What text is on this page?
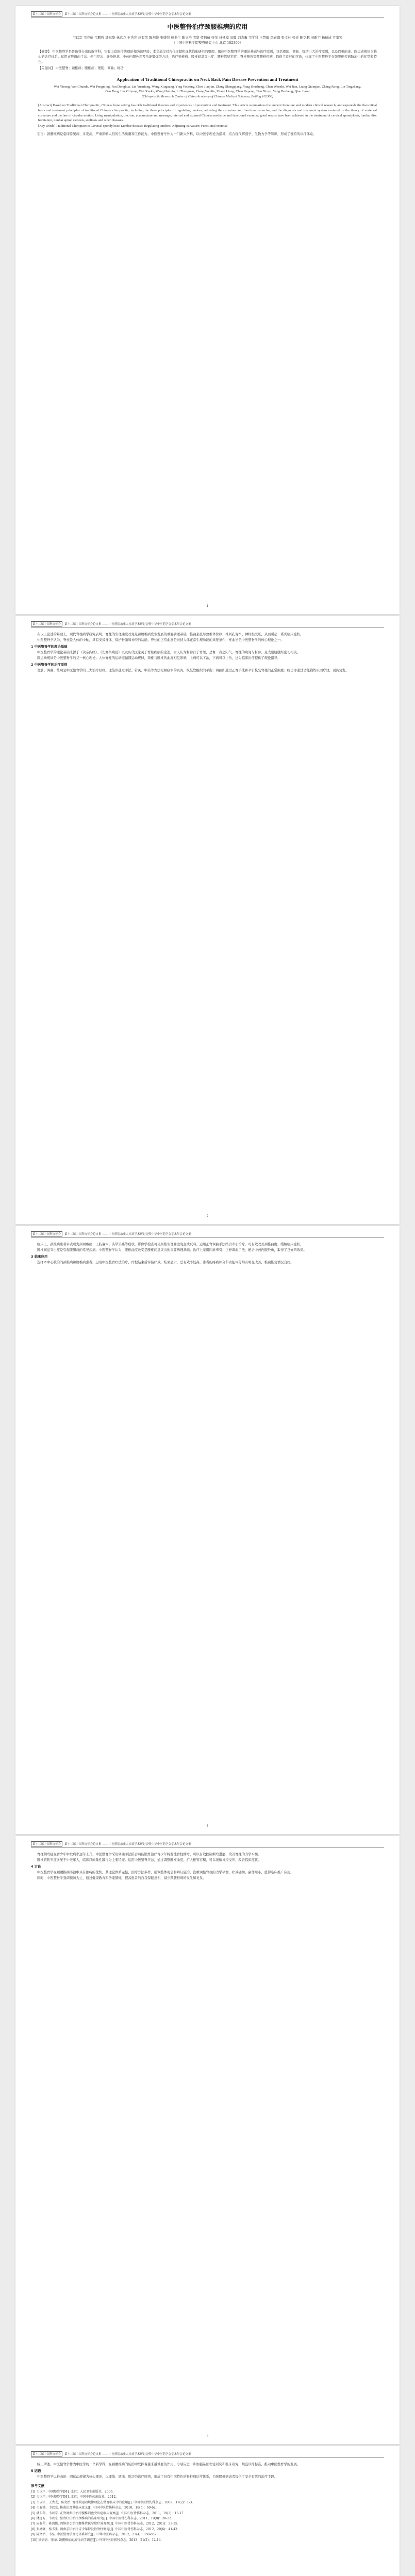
第十二届中国科协年会 第十二届中国科协年会论文集 —— 中医药防治重大疾病学术研讨会暨中华中医药学会学术年会论文集
中医整脊治疗颈腰椎病的应用
韦以宗 韦春德 韦鹏鸣 潘东华 林远方 王秀光 应有荣 陈剑俊 张盛强 杨书生 陈文治 韦坚 梁倩倩 张荣 林廷樟 高腾 刘志勇 韦学科 王慧敏 李正南 张文林 张亮 陈克鹏 田新宇 杨德成 乔家锐
（中国中医科学院整脊研究中心 北京 102300）

【摘要】 中医整脊学是骨伤科分出的新学科，它有丰富的传统理论和防治经验；本文通过对古代文献和现代临床研究的整理，阐述中医整脊学的理论基础与治疗原则，包括理筋、调曲、练功三大治疗原则，以及以椎曲论、圆运动规律为核心的诊疗体系。运用正脊调曲手法、牵引疗法、针灸推拿、中药内服外用及功能锻炼等方法，治疗颈椎病、腰椎间盘突出症、腰椎管狭窄症、脊柱侧弯等颈腰椎疾病，取得了良好的疗效，体现了中医整脊学在颈腰椎疾病防治中的优势和特色。

【关键词】 中医整脊；颈椎病；腰椎病；理筋；调曲；练功

Application of Traditional Chiropractic on Neck Back Pain Disease Prevention and Treatment
Wei Yizong, Wei Chunde, Wei Pengming, Pan Donghua, Lin Yuanfang, Wang Xiuguang, Ying Yourong, Chen Jianjun, Zhang Shengqiang, Yang Shusheng, Chen Wenzhi, Wei Jian, Liang Qianqian, Zhang Rong, Lin Tingzhang, Gao Teng, Liu Zhiyong, Wei Xueke, Wang Huimin, Li Zhengnan, Zhang Wenlin, Zhang Liang, Chen Kepeng, Tian Xinyu, Yang Decheng, Qiao Jiarui
(Chiropractic Research Center of China Academy of Chinese Medical Sciences, Beijing 102300)

[Abstract] Based on Traditional Chiropractic, Chinese bone setting has rich traditional theories and experiences of prevention and treatment. This article summarizes the ancient literature and modern clinical research, and expounds the theoretical basis and treatment principles of traditional Chinese chiropractic, including the three principles of regulating tendons, adjusting the curvature and functional exercise, and the diagnosis and treatment system centered on the theory of vertebral curvature and the law of circular motion. Using manipulation, traction, acupuncture and massage, internal and external Chinese medicine and functional exercise, good results have been achieved in the treatment of cervical spondylosis, lumbar disc herniation, lumbar spinal stenosis, scoliosis and other diseases.

[Key words] Traditional Chiropractic; Cervical spondylosis; Lumbar disease; Regulating tendons; Adjusting curvature; Functional exercise

引言：颈腰椎病是临床常见病、多发病，严重影响人们的生活质量和工作能力。中医整脊学作为一门新兴学科，以中医学理论为指导，结合现代解剖学、生物力学等知识，形成了独特的诊疗体系。

1
第十二届中国科协年会 第十二届中国科协年会论文集 —— 中医药防治重大疾病学术研讨会暨中华中医药学会学术年会论文集

在以上论述的基础上，现代脊柱病学研究表明，脊柱的生理曲度改变是颈腰椎病发生发展的重要病理基础，椎曲紊乱导致椎体位移、椎间孔变窄、神经根受压，从而引起一系列临床症状。

中医整脊学认为，脊柱是人体的中轴，具有支撑身体、保护脊髓和神经的功能。脊柱的正常曲度是维持人体正常生理功能的重要条件，椎曲论是中医整脊学的核心理论之一。

1 中医整脊学的理论基础

中医整脊学的理论基础来源于《黄帝内经》、《伤寒杂病论》以及历代医家关于脊柱疾病的论述。古人认为督脉行于脊里，总督一身之阳气，脊柱的病变与督脉、足太阳膀胱经密切相关。

圆运动规律是中医整脊学的又一核心理论。人体脊柱的运动遵循圆运动规律，颈椎与腰椎的曲度相互影响，上病可以下治，下病可以上治，这为临床治疗提供了理论指导。

2 中医整脊学的治疗原则

理筋、调曲、练功是中医整脊学的三大治疗原则。理筋即通过手法、针灸、中药等方法松解痉挛的肌肉，恢复软组织的平衡；调曲即通过正脊手法和牵引恢复脊柱的正常曲度；练功即通过功能锻炼巩固疗效，预防复发。

2
第十二届中国科协年会 第十二届中国科协年会论文集 —— 中医药防治重大疾病学术研讨会暨中华中医药学会学术年会论文集

临床上，颈椎病患者多表现为颈项疼痛、上肢麻木、头晕头痛等症状，影像学检查可见颈椎生理曲度变直或反弓。运用正脊调曲手法结合牵引治疗，可有效改善颈椎曲度，缓解临床症状。

腰椎间盘突出症是引起腰腿痛的常见疾病。中医整脊学认为，腰椎曲度改变是腰椎间盘突出的重要病理基础。治疗上采用四维牵引、正脊调曲手法，配合中药内服外敷，取得了良好的效果。

3 临床应用

选择本中心收治的颈椎病和腰椎病患者，运用中医整脊疗法治疗，疗程结束后评估疗效。结果显示，总有效率较高，患者的疼痛评分和功能评分均有明显改善，椎曲恢复情况良好。

3
第十二届中国科协年会 第十二届中国科协年会论文集 —— 中医药防治重大疾病学术研讨会暨中华中医药学会学术年会论文集

脊柱侧弯症在青少年中发病率逐年上升，中医整脊学采用调曲手法结合功能锻炼治疗青少年特发性脊柱侧弯，可以有效控制侧弯进展，改善脊柱的力学平衡。

腰椎管狭窄症多见于中老年人，临床以间歇性跛行为主要特征。运用中医整脊疗法，通过调整腰椎曲度，扩大椎管容积，可以缓解神经受压，改善临床症状。

4 讨论

中医整脊学在颈腰椎病防治中具有独特的优势。其理论体系完整，治疗方法多样，强调整体观念和辨证施治，注重调整脊柱的力学平衡，疗效确切，副作用小，值得临床推广应用。

同时，中医整脊学强调预防为主，通过健康教育和功能锻炼，提高患者的自我保健意识，减少颈腰椎病的发生和复发。

4
第十二届中国科协年会 第十二届中国科协年会论文集 —— 中医药防治重大疾病学术研讨会暨中华中医药学会学术年会论文集

综上所述，中医整脊学作为中医学的一个新学科，在颈腰椎病的防治中发挥着越来越重要的作用。今后应进一步加强基础理论研究和临床研究，规范诊疗标准，推动中医整脊学的发展。

5 结语

中医整脊学以椎曲论、圆运动规律为核心理论，以理筋、调曲、练功为治疗原则，形成了具有中国特色的脊柱病诊疗体系，为颈腰椎病患者提供了安全有效的治疗手段。

参考文献

[1] 韦以宗. 中国整脊学[M]. 北京：人民卫生出版社，2006.

[2] 韦以宗. 中医整脊学[M]. 北京：中国中医药出版社，2012.

[3] 韦以宗，王秀光，陈文治. 脊柱圆运动规律理论在整脊临床中的应用[J]. 中国中医骨伤科杂志，2009，17(2)：1-3.

[4] 韦春德，韦以宗. 椎曲论及其临床意义[J]. 中国中医骨伤科杂志，2010，18(5)：60-62.

[5] 潘东华，韦以宗. 正脊调曲法治疗腰椎间盘突出症临床观察[J]. 中国中医骨伤科杂志，2011，19(3)：15-17.

[6] 林远方，韦以宗. 整脊疗法治疗颈椎病的临床研究[J]. 中国中医骨伤科杂志，2011，19(8)：20-22.

[7] 应有荣，陈剑俊. 四维牵引治疗腰椎管狭窄症疗效观察[J]. 中国中医骨伤科杂志，2012，20(1)：33-35.

[8] 张盛强，杨书生. 调曲手法治疗青少年特发性脊柱侧弯[J]. 中国中医骨伤科杂志，2012，20(6)：41-43.

[9] 陈文治，韦坚. 中医整脊学理论体系研究[J]. 中华中医药杂志，2012，27(4)：850-852.

[10] 梁倩倩，张荣. 颈腰椎病的流行病学调查[J]. 中国中医骨伤科杂志，2013，21(2)：12-14.
